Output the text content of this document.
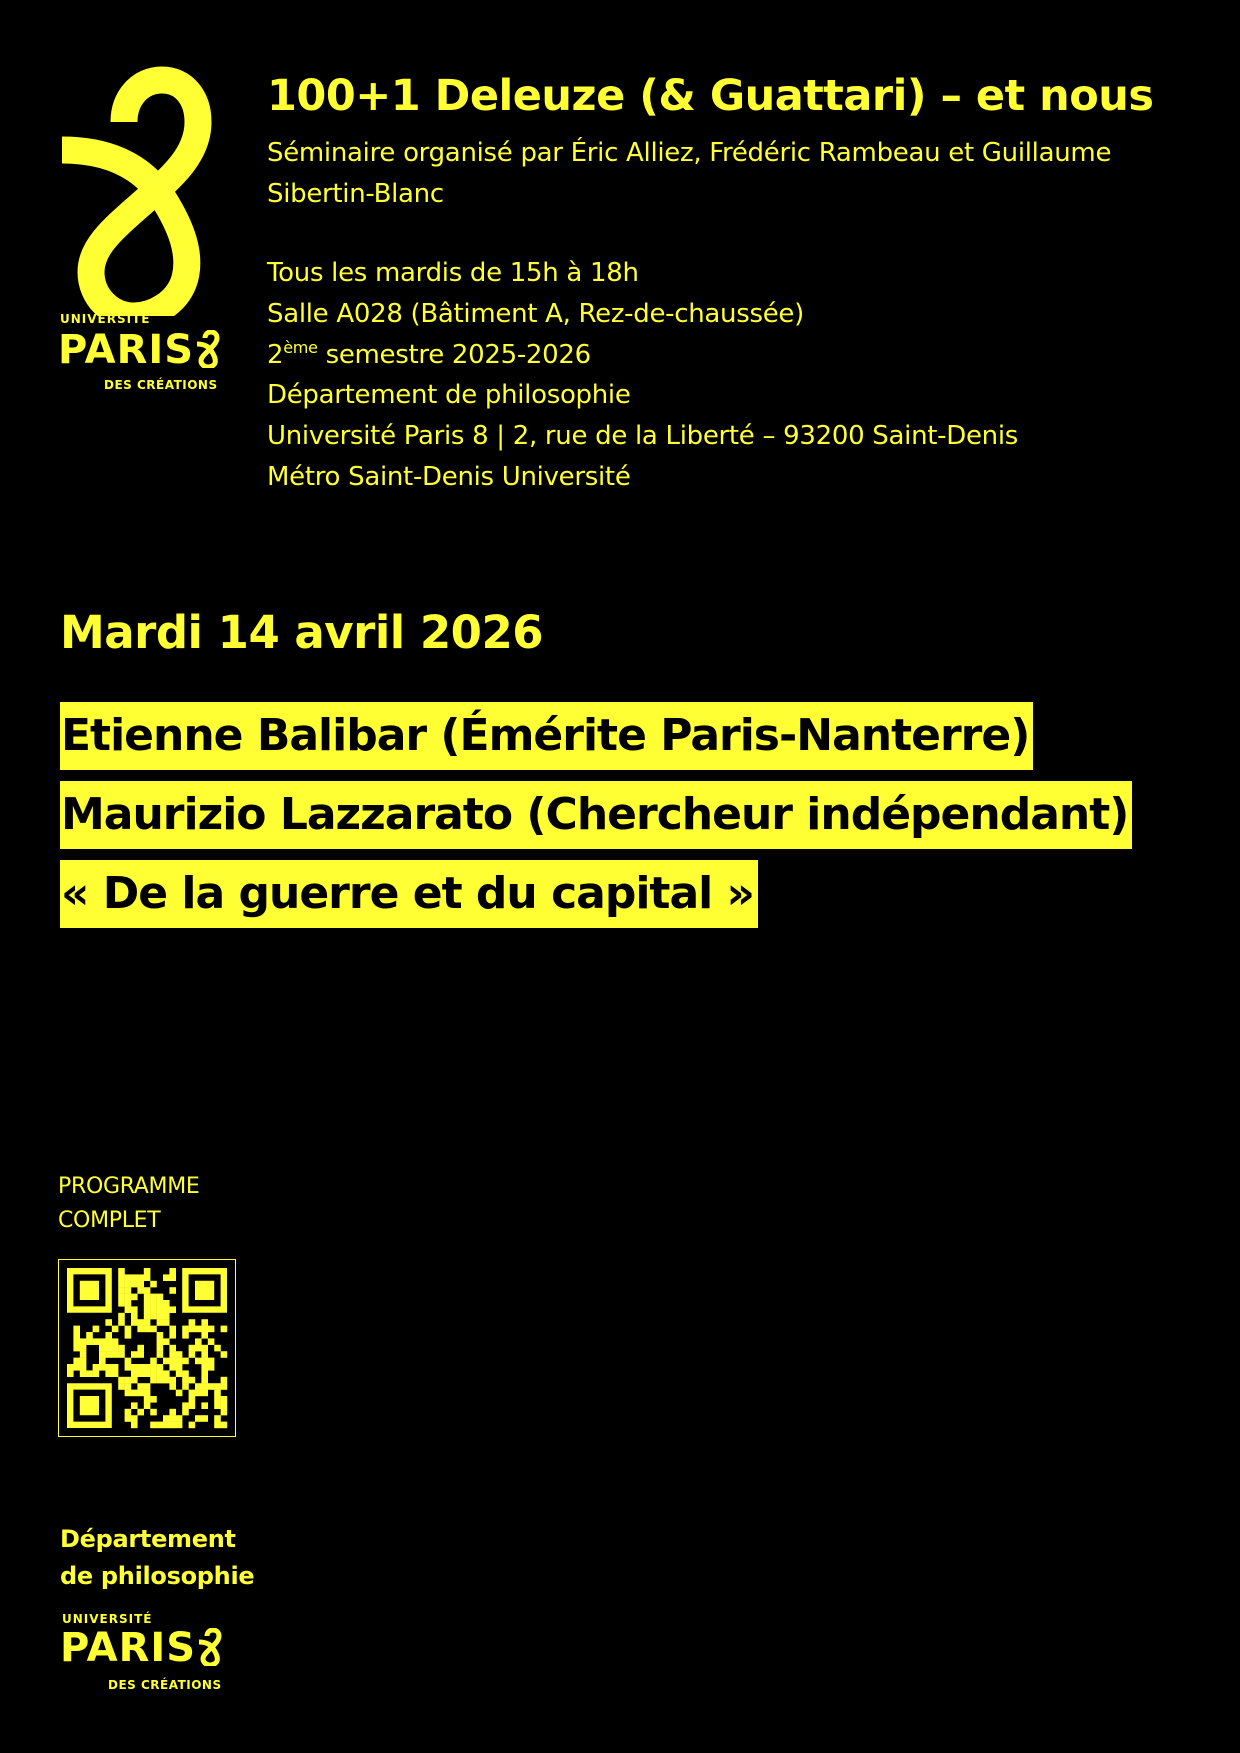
UNIVERSITÉ
PARIS
DES CRÉATIONS
100+1 Deleuze (& Guattari) – et nous

Séminaire organisé par Éric Alliez, Frédéric Rambeau et Guillaume Sibertin-Blanc

Tous les mardis de 15h à 18h
Salle A028 (Bâtiment A, Rez-de-chaussée)
2ème semestre 2025-2026
Département de philosophie
Université Paris 8 | 2, rue de la Liberté – 93200 Saint-Denis
Métro Saint-Denis Université
Mardi 14 avril 2026
Etienne Balibar (Émérite Paris-Nanterre)
Maurizio Lazzarato (Chercheur indépendant)
« De la guerre et du capital »
PROGRAMME
COMPLET
Département
de philosophie
UNIVERSITÉ
PARIS
DES CRÉATIONS
